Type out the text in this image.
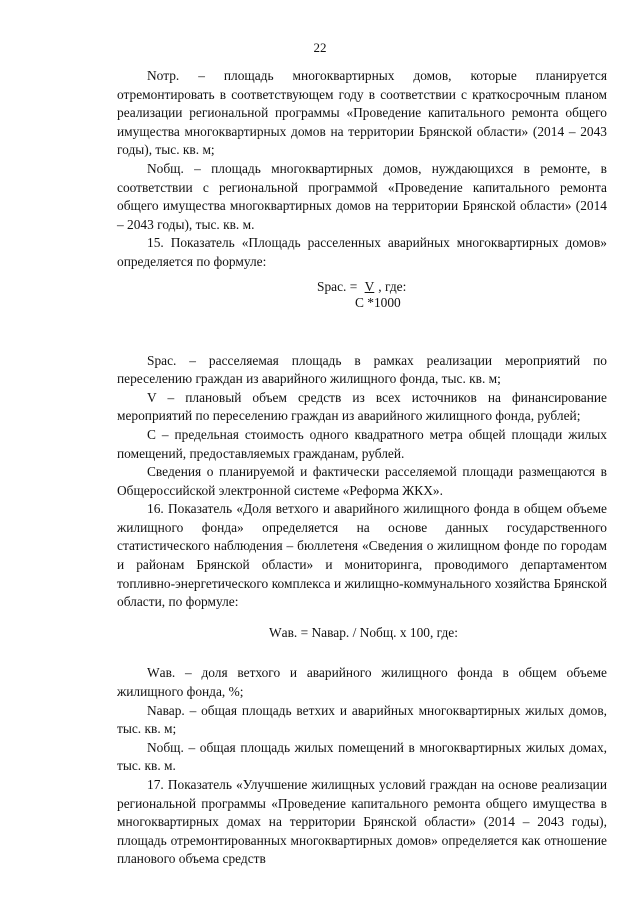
22

Nотр. – площадь многоквартирных домов, которые планируется отремонтировать в соответствующем году в соответствии с краткосрочным планом реализации региональной программы «Проведение капитального ремонта общего имущества многоквартирных домов на территории Брянской области» (2014 – 2043 годы), тыс. кв. м;

Nобщ. – площадь многоквартирных домов, нуждающихся в ремонте, в соответствии с региональной программой «Проведение капитального ремонта общего имущества многоквартирных домов на территории Брянской области» (2014 – 2043 годы), тыс. кв. м.

15. Показатель «Площадь расселенных аварийных многоквартирных домов» определяется по формуле:

Sрас. = V , где:
С *1000

Sрас. – расселяемая площадь в рамках реализации мероприятий по переселению граждан из аварийного жилищного фонда, тыс. кв. м;

V – плановый объем средств из всех источников на финансирование мероприятий по переселению граждан из аварийного жилищного фонда, рублей;

С – предельная стоимость одного квадратного метра общей площади жилых помещений, предоставляемых гражданам, рублей.

Сведения о планируемой и фактически расселяемой площади размещаются в Общероссийской электронной системе «Реформа ЖКХ».

16. Показатель «Доля ветхого и аварийного жилищного фонда в общем объеме жилищного фонда» определяется на основе данных государственного статистического наблюдения – бюллетеня «Сведения о жилищном фонде по городам и районам Брянской области» и мониторинга, проводимого департаментом топливно-энергетического комплекса и жилищно-коммунального хозяйства Брянской области, по формуле:

Wав. = Nавар. / Nобщ. х 100, где:

Wав. – доля ветхого и аварийного жилищного фонда в общем объеме жилищного фонда, %;

Nавар. – общая площадь ветхих и аварийных многоквартирных жилых домов, тыс. кв. м;

Nобщ. – общая площадь жилых помещений в многоквартирных жилых домах, тыс. кв. м.

17. Показатель «Улучшение жилищных условий граждан на основе реализации региональной программы «Проведение капитального ремонта общего имущества в многоквартирных домах на территории Брянской области» (2014 – 2043 годы), площадь отремонтированных многоквартирных домов» определяется как отношение планового объема средств
